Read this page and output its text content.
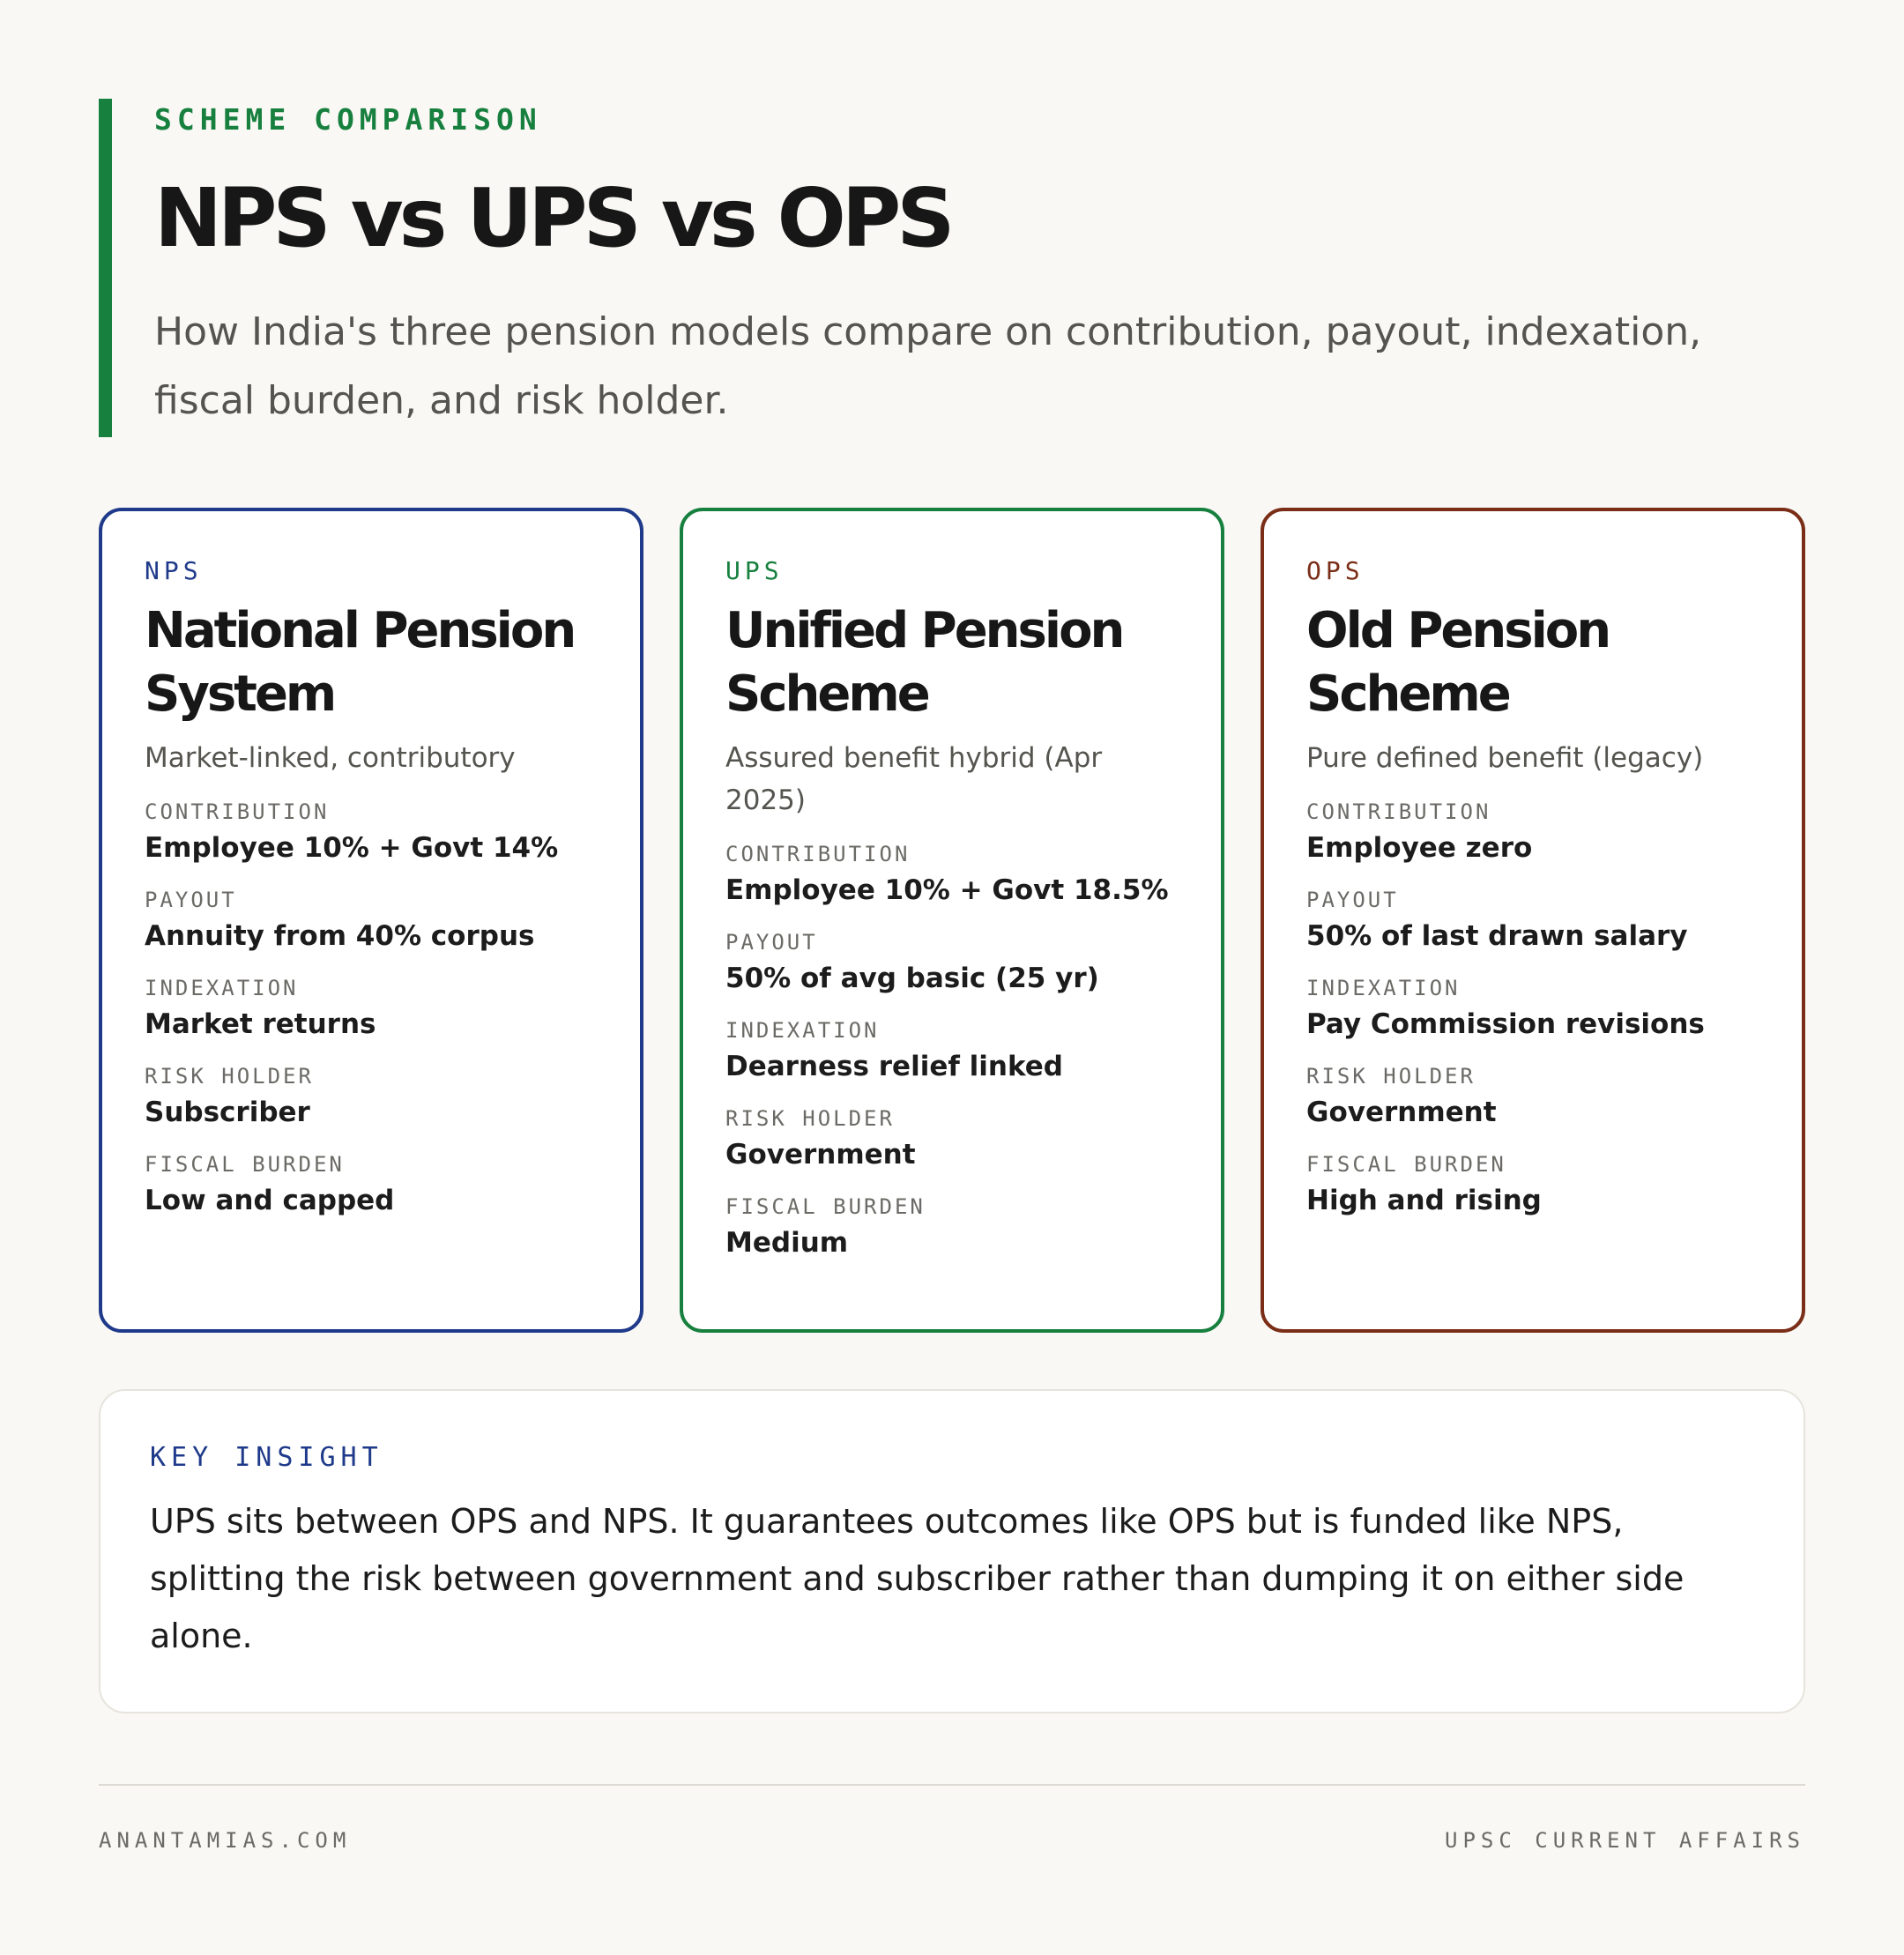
SCHEME COMPARISON
NPS vs UPS vs OPS

How India's three pension models compare on contribution, payout, indexation, fiscal burden, and risk holder.

NPS
National Pension System
Market-linked, contributory
CONTRIBUTION
Employee 10% + Govt 14%
PAYOUT
Annuity from 40% corpus
INDEXATION
Market returns
RISK HOLDER
Subscriber
FISCAL BURDEN
Low and capped
UPS
Unified Pension Scheme
Assured benefit hybrid (Apr 2025)
CONTRIBUTION
Employee 10% + Govt 18.5%
PAYOUT
50% of avg basic (25 yr)
INDEXATION
Dearness relief linked
RISK HOLDER
Government
FISCAL BURDEN
Medium
OPS
Old Pension Scheme
Pure defined benefit (legacy)
CONTRIBUTION
Employee zero
PAYOUT
50% of last drawn salary
INDEXATION
Pay Commission revisions
RISK HOLDER
Government
FISCAL BURDEN
High and rising
KEY INSIGHT

UPS sits between OPS and NPS. It guarantees outcomes like OPS but is funded like NPS, splitting the risk between government and subscriber rather than dumping it on either side alone.

ANANTAMIAS.COM	UPSC CURRENT AFFAIRS
